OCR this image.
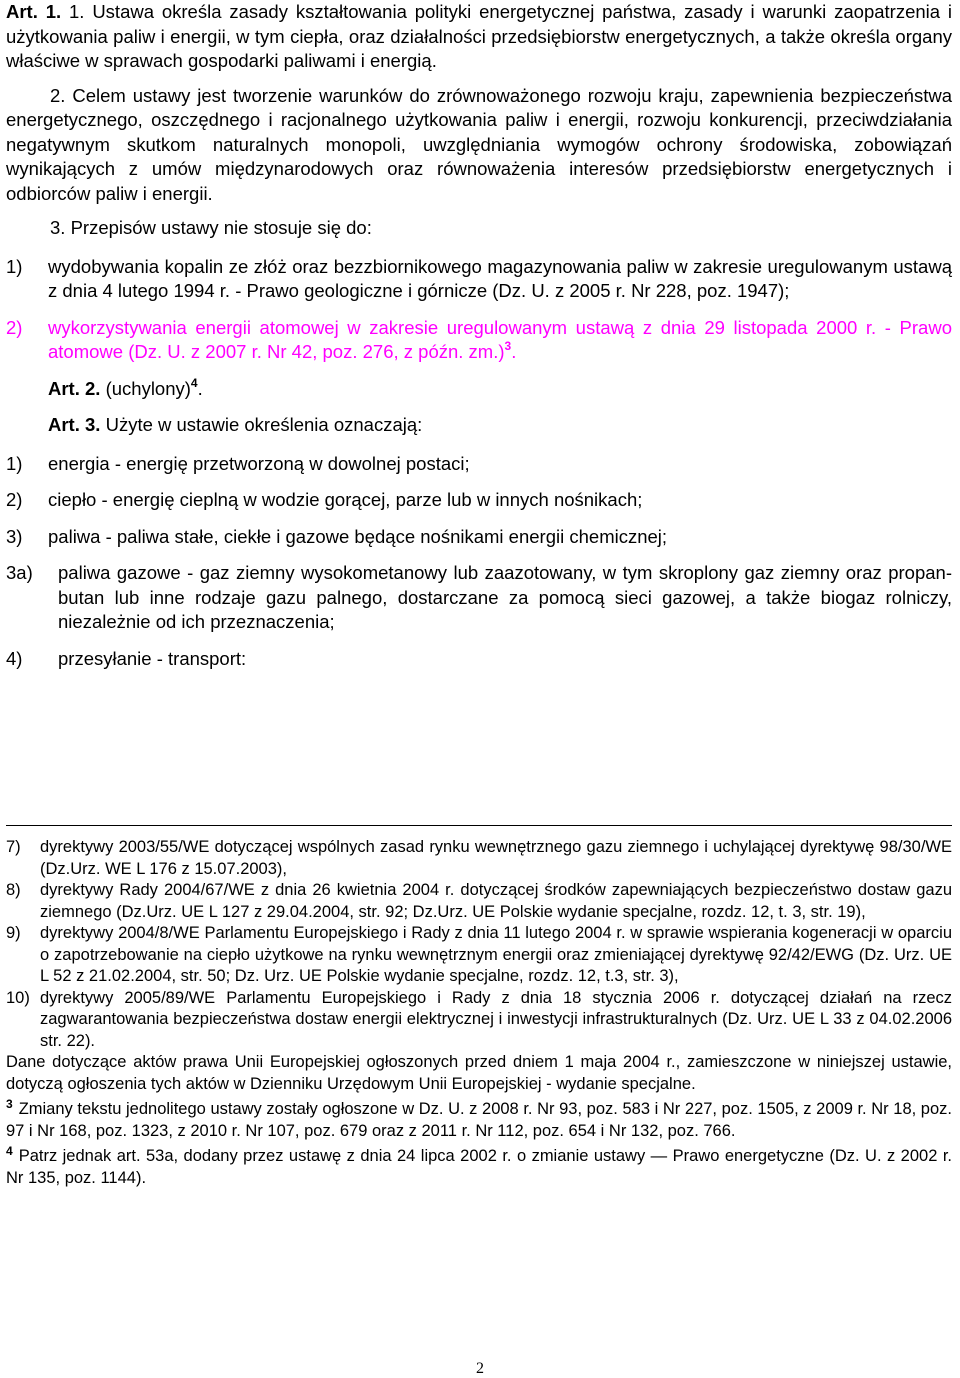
Art. 1. 1. Ustawa określa zasady kształtowania polityki energetycznej państwa, zasady i warunki zaopatrzenia i użytkowania paliw i energii, w tym ciepła, oraz działalności przedsiębiorstw energetycznych, a także określa organy właściwe w sprawach gospodarki paliwami i energią.

2. Celem ustawy jest tworzenie warunków do zrównoważonego rozwoju kraju, zapewnienia bezpieczeństwa energetycznego, oszczędnego i racjonalnego użytkowania paliw i energii, rozwoju konkurencji, przeciwdziałania negatywnym skutkom naturalnych monopoli, uwzględniania wymogów ochrony środowiska, zobowiązań wynikających z umów międzynarodowych oraz równoważenia interesów przedsiębiorstw energetycznych i odbiorców paliw i energii.

3. Przepisów ustawy nie stosuje się do:

1)	wydobywania kopalin ze złóż oraz bezzbiornikowego magazynowania paliw w zakresie uregulowanym ustawą z dnia 4 lutego 1994 r. - Prawo geologiczne i górnicze (Dz. U. z 2005 r. Nr 228, poz. 1947);
2)	wykorzystywania energii atomowej w zakresie uregulowanym ustawą z dnia 29 listopada 2000 r. - Prawo atomowe (Dz. U. z 2007 r. Nr 42, poz. 276, z późn. zm.)$^3$.

Art. 2. (uchylony)$^4$.

Art. 3. Użyte w ustawie określenia oznaczają:

1)	energia - energię przetworzoną w dowolnej postaci;
2)	ciepło - energię cieplną w wodzie gorącej, parze lub w innych nośnikach;
3)	paliwa - paliwa stałe, ciekłe i gazowe będące nośnikami energii chemicznej;
3a)	paliwa gazowe - gaz ziemny wysokometanowy lub zaazotowany, w tym skroplony gaz ziemny oraz propan-butan lub inne rodzaje gazu palnego, dostarczane za pomocą sieci gazowej, a także biogaz rolniczy, niezależnie od ich przeznaczenia;
4)	przesyłanie - transport:
7)	dyrektywy 2003/55/WE dotyczącej wspólnych zasad rynku wewnętrznego gazu ziemnego i uchylającej dyrektywę 98/30/WE (Dz.Urz. WE L 176 z 15.07.2003),
8)	dyrektywy Rady 2004/67/WE z dnia 26 kwietnia 2004 r. dotyczącej środków zapewniających bezpieczeństwo dostaw gazu ziemnego (Dz.Urz. UE L 127 z 29.04.2004, str. 92; Dz.Urz. UE Polskie wydanie specjalne, rozdz. 12, t. 3, str. 19),
9)	dyrektywy 2004/8/WE Parlamentu Europejskiego i Rady z dnia 11 lutego 2004 r. w sprawie wspierania kogeneracji w oparciu o zapotrzebowanie na ciepło użytkowe na rynku wewnętrznym energii oraz zmieniającej dyrektywę 92/42/EWG (Dz. Urz. UE L 52 z 21.02.2004, str. 50; Dz. Urz. UE Polskie wydanie specjalne, rozdz. 12, t.3, str. 3),
10) dyrektywy 2005/89/WE Parlamentu Europejskiego i Rady z dnia 18 stycznia 2006 r. dotyczącej działań na rzecz zagwarantowania bezpieczeństwa dostaw energii elektrycznej i inwestycji infrastrukturalnych (Dz. Urz. UE L 33 z 04.02.2006 str. 22).

Dane dotyczące aktów prawa Unii Europejskiej ogłoszonych przed dniem 1 maja 2004 r., zamieszczone w niniejszej ustawie, dotyczą ogłoszenia tych aktów w Dzienniku Urzędowym Unii Europejskiej - wydanie specjalne.

$^3$ Zmiany tekstu jednolitego ustawy zostały ogłoszone w Dz. U. z 2008 r. Nr 93, poz. 583 i Nr 227, poz. 1505, z 2009 r. Nr 18, poz. 97 i Nr 168, poz. 1323, z 2010 r. Nr 107, poz. 679 oraz z 2011 r. Nr 112, poz. 654 i Nr 132, poz. 766.

$^4$ Patrz jednak art. 53a, dodany przez ustawę z dnia 24 lipca 2002 r. o zmianie ustawy ― Prawo energetyczne (Dz. U. z 2002 r. Nr 135, poz. 1144).

2
